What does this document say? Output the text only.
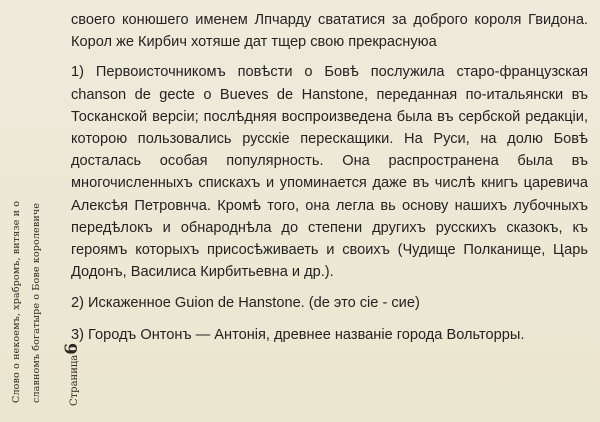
Слово о некоемъ, храбромъ, витязе и о славномъ богатыре о Бове королевиче

своего конюшего именем Лпчарду свататися за доброго короля Гвидона. Корол же Кирбич хотяше дат тщер свою прекраснуюа

1) Первоисточникомъ повѣсти о Бовѣ послужила старо-французская chanson de gecte o Bueves de Hanstone, переданная по-итальянски въ Тосканской версiи; послѣдняя воспроизведена была въ сербской редакцiи, которою пользовались русскiе перескащики. На Руси, на долю Бовѣ досталась особая популярность. Она распространена была въ многочисленныхъ спискахъ и упоминается даже въ числѣ книгъ царевича Алексѣя Петровнча. Кромѣ того, она легла вь основу нашихъ лубочныхъ передѣлокъ и обнароднѣла до степени другихъ русскихъ сказокъ, къ героямъ которыхъ присосѣживаеть и своихъ (Чудище Полканище, Царь Додонъ, Василиса Кирбитьевна и др.).

2) Искаженное Guion de Hanstone. (de это cie - сие)

3) Городъ Онтонъ — Антонiя, древнее названiе города Вольторры.

Страница6
